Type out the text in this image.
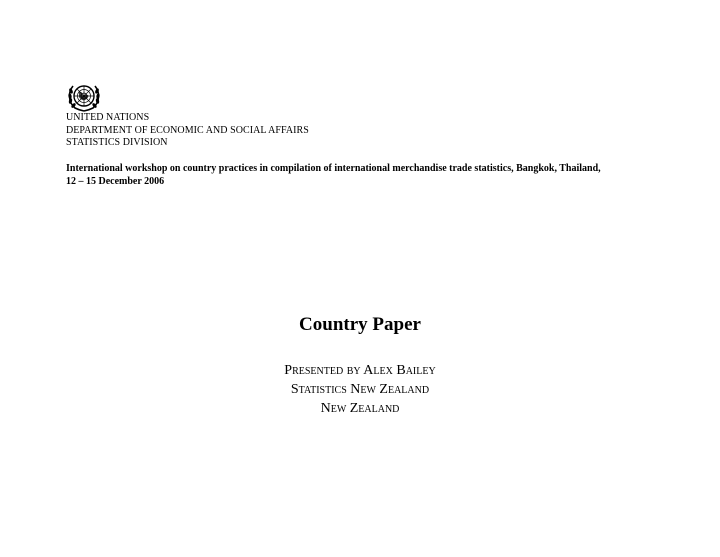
UNITED NATIONS
DEPARTMENT OF ECONOMIC AND SOCIAL AFFAIRS
STATISTICS DIVISION
International workshop on country practices in compilation of international merchandise trade statistics, Bangkok, Thailand,
12 – 15 December 2006
Country Paper
Presented by Alex Bailey
Statistics New Zealand
New Zealand
